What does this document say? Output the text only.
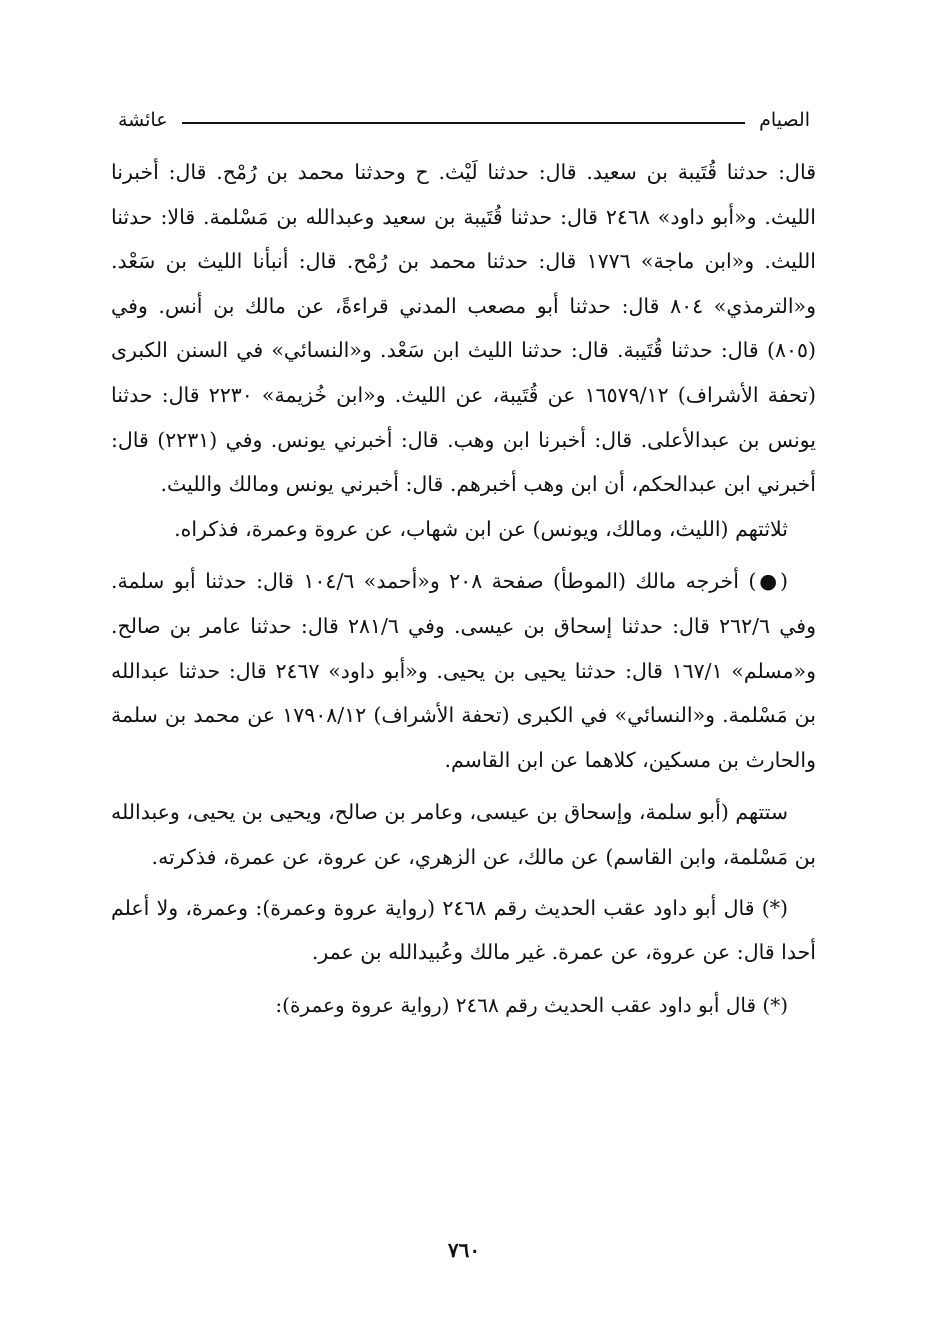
الصيام
عائشة

قال: حدثنا قُتَيبة بن سعيد. قال: حدثنا لَيْث. ح وحدثنا محمد بن رُمْح. قال: أخبرنا الليث. و«أبو داود» ٢٤٦٨ قال: حدثنا قُتَيبة بن سعيد وعبدالله بن مَسْلمة. قالا: حدثنا الليث. و«ابن ماجة» ١٧٧٦ قال: حدثنا محمد بن رُمْح. قال: أنبأنا الليث بن سَعْد. و«الترمذي» ٨٠٤ قال: حدثنا أبو مصعب المدني قراءةً، عن مالك بن أنس. وفي (٨٠٥) قال: حدثنا قُتَيبة. قال: حدثنا الليث ابن سَعْد. و«النسائي» في السنن الكبرى (تحفة الأشراف) ١٦٥٧٩/١٢ عن قُتَيبة، عن الليث. و«ابن خُزيمة» ٢٢٣٠ قال: حدثنا يونس بن عبدالأعلى. قال: أخبرنا ابن وهب. قال: أخبرني يونس. وفي (٢٢٣١) قال: أخبرني ابن عبدالحكم، أن ابن وهب أخبرهم. قال: أخبرني يونس ومالك والليث.

ثلاثتهم (الليث، ومالك، ويونس) عن ابن شهاب، عن عروة وعمرة، فذكراه.

(●) أخرجه مالك (الموطأ) صفحة ٢٠٨ و«أحمد» ١٠٤/٦ قال: حدثنا أبو سلمة. وفي ٢٦٢/٦ قال: حدثنا إسحاق بن عيسى. وفي ٢٨١/٦ قال: حدثنا عامر بن صالح. و«مسلم» ١٦٧/١ قال: حدثنا يحيى بن يحيى. و«أبو داود» ٢٤٦٧ قال: حدثنا عبدالله بن مَسْلمة. و«النسائي» في الكبرى (تحفة الأشراف) ١٧٩٠٨/١٢ عن محمد بن سلمة والحارث بن مسكين، كلاهما عن ابن القاسم.

ستتهم (أبو سلمة، وإسحاق بن عيسى، وعامر بن صالح، ويحيى بن يحيى، وعبدالله بن مَسْلمة، وابن القاسم) عن مالك، عن الزهري، عن عروة، عن عمرة، فذكرته.

(*) قال أبو داود عقب الحديث رقم ٢٤٦٨ (رواية عروة وعمرة): وعمرة، ولا أعلم أحدا قال: عن عروة، عن عمرة. غير مالك وعُبيدالله بن عمر.

(*) قال أبو داود عقب الحديث رقم ٢٤٦٨ (رواية عروة وعمرة):

٧٦٠
